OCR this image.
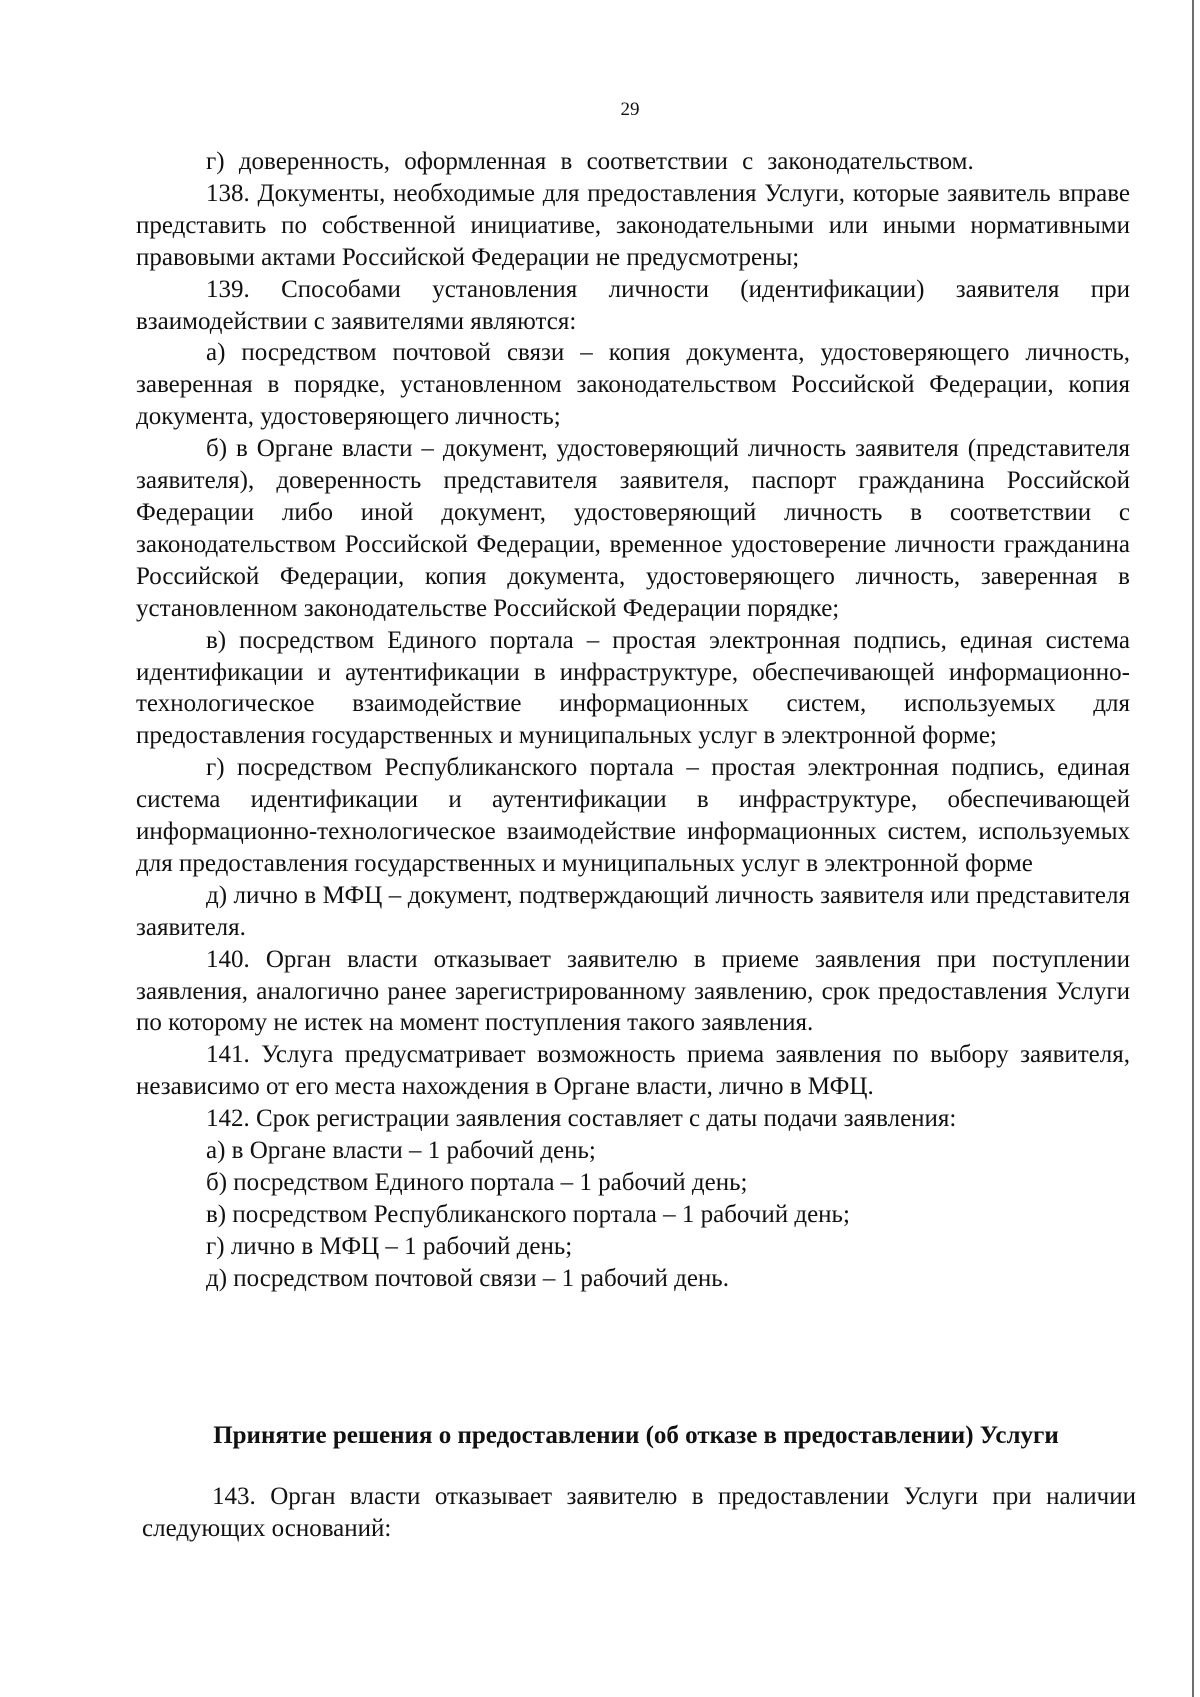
29

г) доверенность, оформленная в соответствии с законодательством.

138. Документы, необходимые для предоставления Услуги, которые заявитель вправе представить по собственной инициативе, законодательными или иными нормативными правовыми актами Российской Федерации не предусмотрены;

139. Способами установления личности (идентификации) заявителя при взаимодействии с заявителями являются:

а) посредством почтовой связи – копия документа, удостоверяющего личность, заверенная в порядке, установленном законодательством Российской Федерации, копия документа, удостоверяющего личность;

б) в Органе власти – документ, удостоверяющий личность заявителя (представителя заявителя), доверенность представителя заявителя, паспорт гражданина Российской Федерации либо иной документ, удостоверяющий личность в соответствии с законодательством Российской Федерации, временное удостоверение личности гражданина Российской Федерации, копия документа, удостоверяющего личность, заверенная в установленном законодательстве Российской Федерации порядке;

в) посредством Единого портала – простая электронная подпись, единая система идентификации и аутентификации в инфраструктуре, обеспечивающей информационно-технологическое взаимодействие информационных систем, используемых для предоставления государственных и муниципальных услуг в электронной форме;

г) посредством Республиканского портала – простая электронная подпись, единая система идентификации и аутентификации в инфраструктуре, обеспечивающей информационно-технологическое взаимодействие информационных систем, используемых для предоставления государственных и муниципальных услуг в электронной форме

д) лично в МФЦ – документ, подтверждающий личность заявителя или представителя заявителя.

140. Орган власти отказывает заявителю в приеме заявления при поступлении заявления, аналогично ранее зарегистрированному заявлению, срок предоставления Услуги по которому не истек на момент поступления такого заявления.

141. Услуга предусматривает возможность приема заявления по выбору заявителя, независимо от его места нахождения в Органе власти, лично в МФЦ.

142. Срок регистрации заявления составляет с даты подачи заявления:

а) в Органе власти – 1 рабочий день;

б) посредством Единого портала – 1 рабочий день;

в) посредством Республиканского портала – 1 рабочий день;

г) лично в МФЦ – 1 рабочий день;

д) посредством почтовой связи – 1 рабочий день.

Принятие решения о предоставлении (об отказе в предоставлении) Услуги

143. Орган власти отказывает заявителю в предоставлении Услуги при наличии следующих оснований:
